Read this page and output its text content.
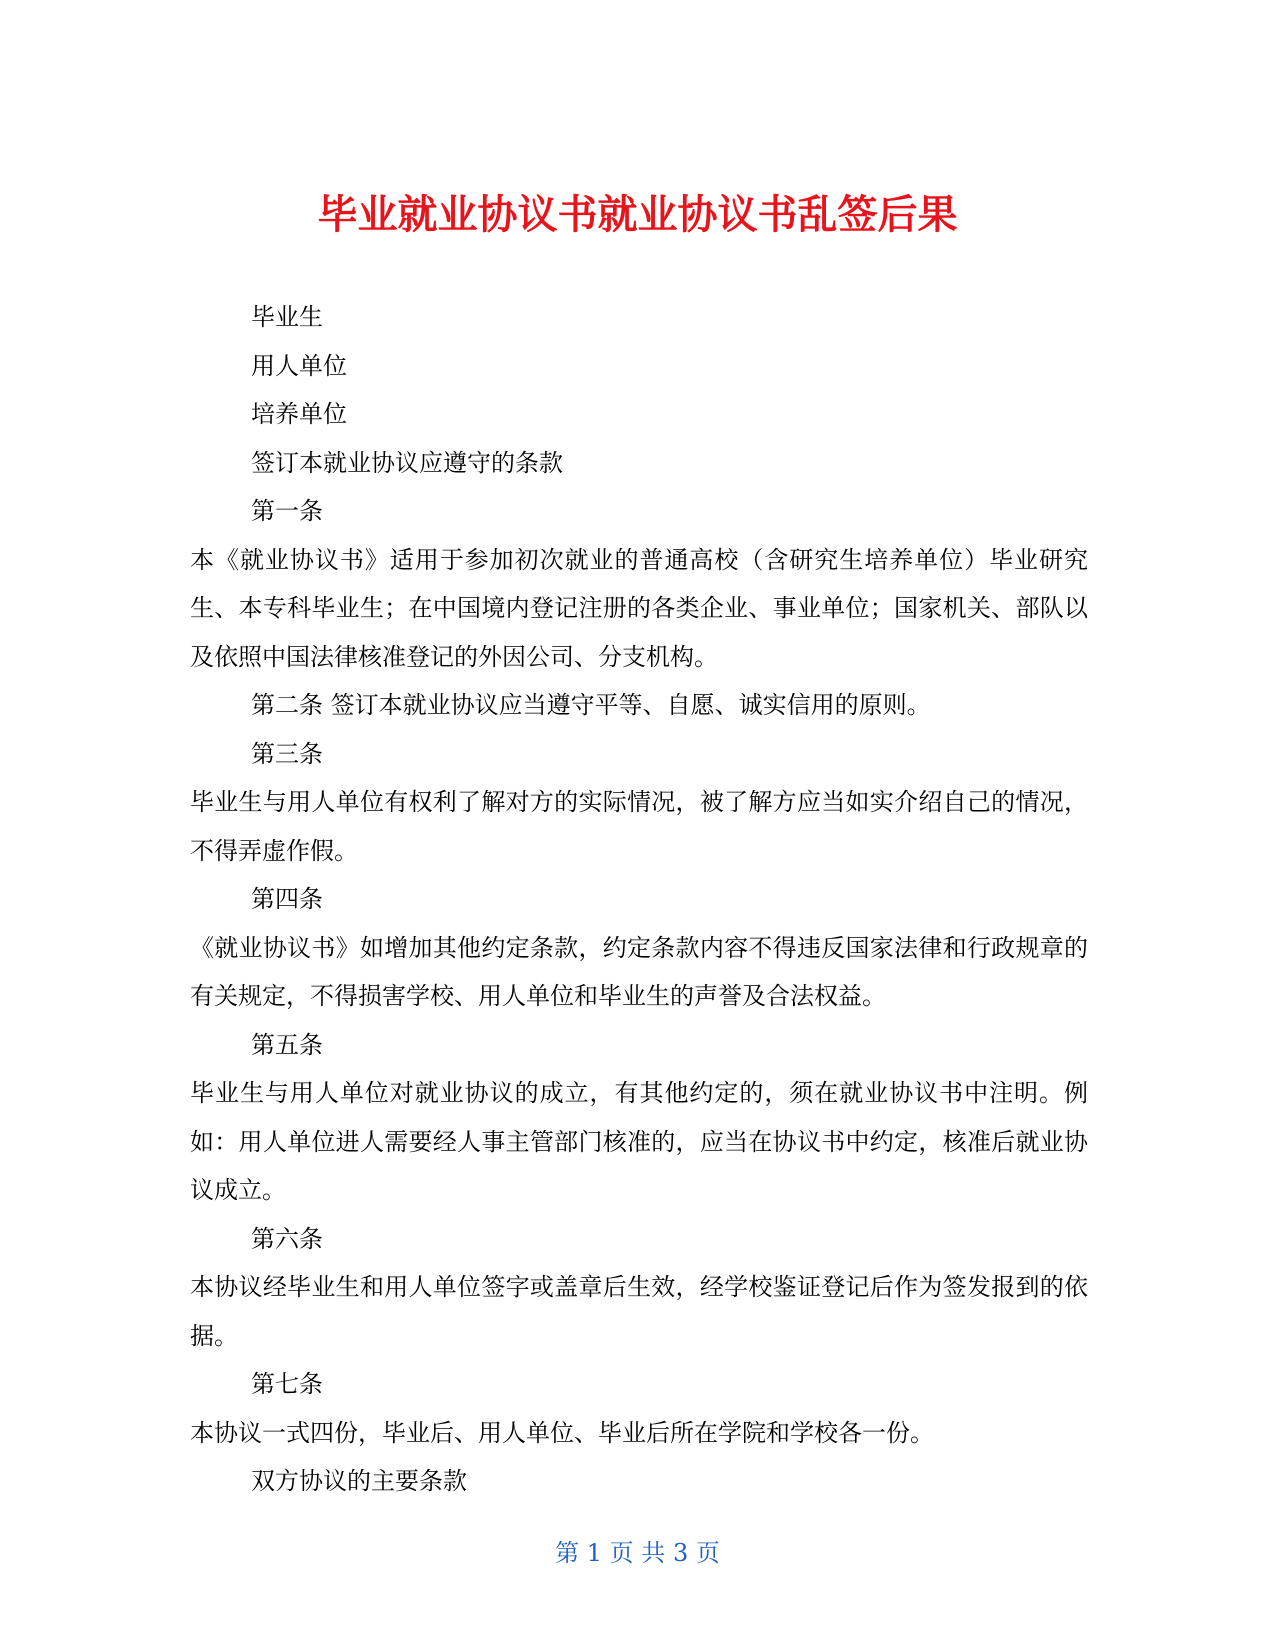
毕业就业协议书就业协议书乱签后果

毕业生

用人单位

培养单位

签订本就业协议应遵守的条款

第一条

本《就业协议书》适用于参加初次就业的普通高校（含研究生培养单位）毕业研究生、本专科毕业生；在中国境内登记注册的各类企业、事业单位；国家机关、部队以及依照中国法律核准登记的外因公司、分支机构。

第二条 签订本就业协议应当遵守平等、自愿、诚实信用的原则。

第三条

毕业生与用人单位有权利了解对方的实际情况，被了解方应当如实介绍自己的情况，不得弄虚作假。

第四条

《就业协议书》如增加其他约定条款，约定条款内容不得违反国家法律和行政规章的有关规定，不得损害学校、用人单位和毕业生的声誉及合法权益。

第五条

毕业生与用人单位对就业协议的成立，有其他约定的，须在就业协议书中注明。例如：用人单位进人需要经人事主管部门核准的，应当在协议书中约定，核准后就业协议成立。

第六条

本协议经毕业生和用人单位签字或盖章后生效，经学校鉴证登记后作为签发报到的依据。

第七条

本协议一式四份，毕业后、用人单位、毕业后所在学院和学校各一份。

双方协议的主要条款

第 1 页 共 3 页
